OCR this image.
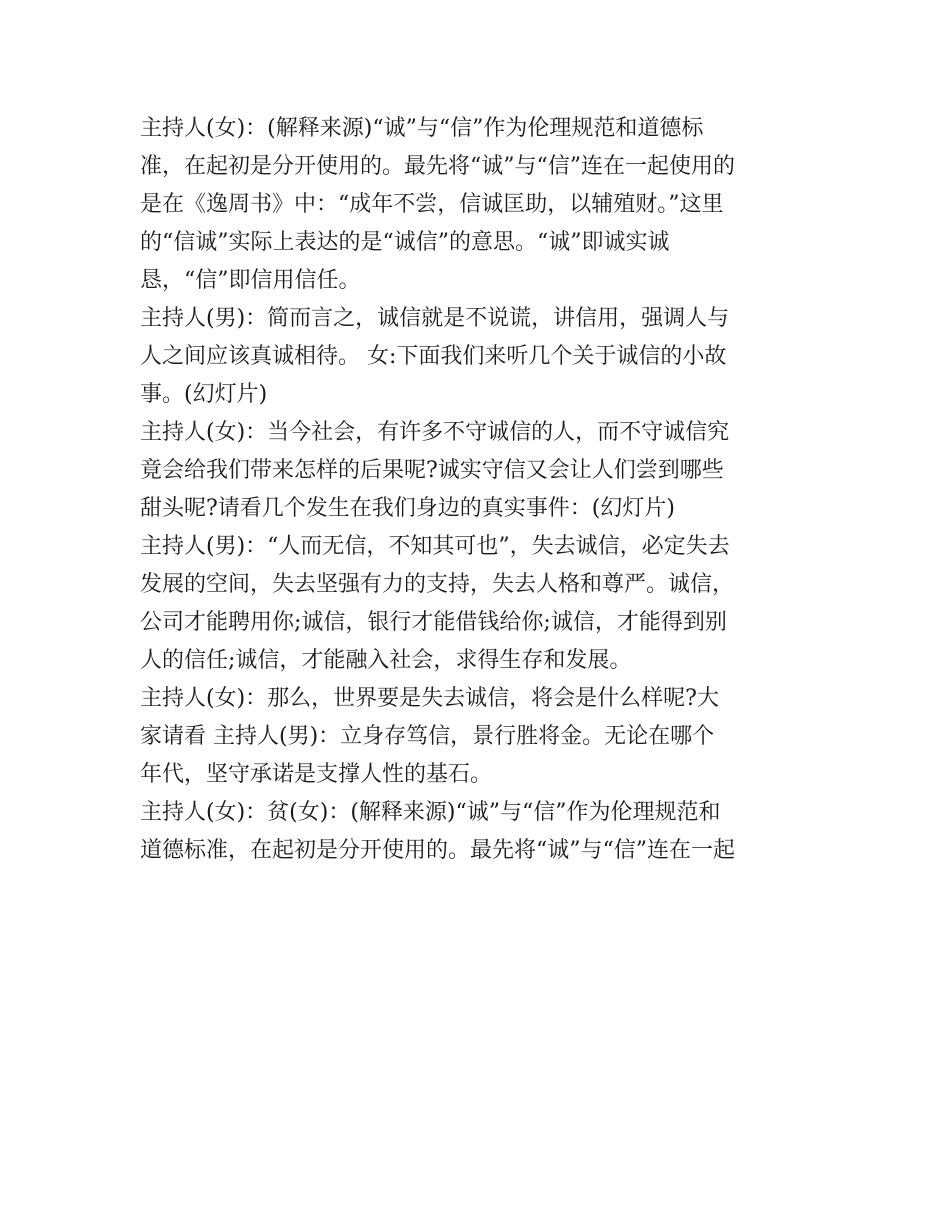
主持人(女)：(解释来源)“诚”与“信”作为伦理规范和道德标
准，在起初是分开使用的。最先将“诚”与“信”连在一起使用的
是在《逸周书》中：“成年不尝，信诚匡助，以辅殖财。”这里
的“信诚”实际上表达的是“诚信”的意思。“诚”即诚实诚
恳，“信”即信用信任。
主持人(男)：简而言之，诚信就是不说谎，讲信用，强调人与
人之间应该真诚相待。 女:下面我们来听几个关于诚信的小故
事。(幻灯片)
主持人(女)：当今社会，有许多不守诚信的人，而不守诚信究
竟会给我们带来怎样的后果呢?诚实守信又会让人们尝到哪些
甜头呢?请看几个发生在我们身边的真实事件：(幻灯片)
主持人(男)：“人而无信，不知其可也”，失去诚信，必定失去
发展的空间，失去坚强有力的支持，失去人格和尊严。诚信，
公司才能聘用你;诚信，银行才能借钱给你;诚信，才能得到别
人的信任;诚信，才能融入社会，求得生存和发展。
主持人(女)：那么，世界要是失去诚信，将会是什么样呢?大
家请看 主持人(男)：立身存笃信，景行胜将金。无论在哪个
年代，坚守承诺是支撑人性的基石。
主持人(女)：贫(女)：(解释来源)“诚”与“信”作为伦理规范和
道德标准，在起初是分开使用的。最先将“诚”与“信”连在一起
